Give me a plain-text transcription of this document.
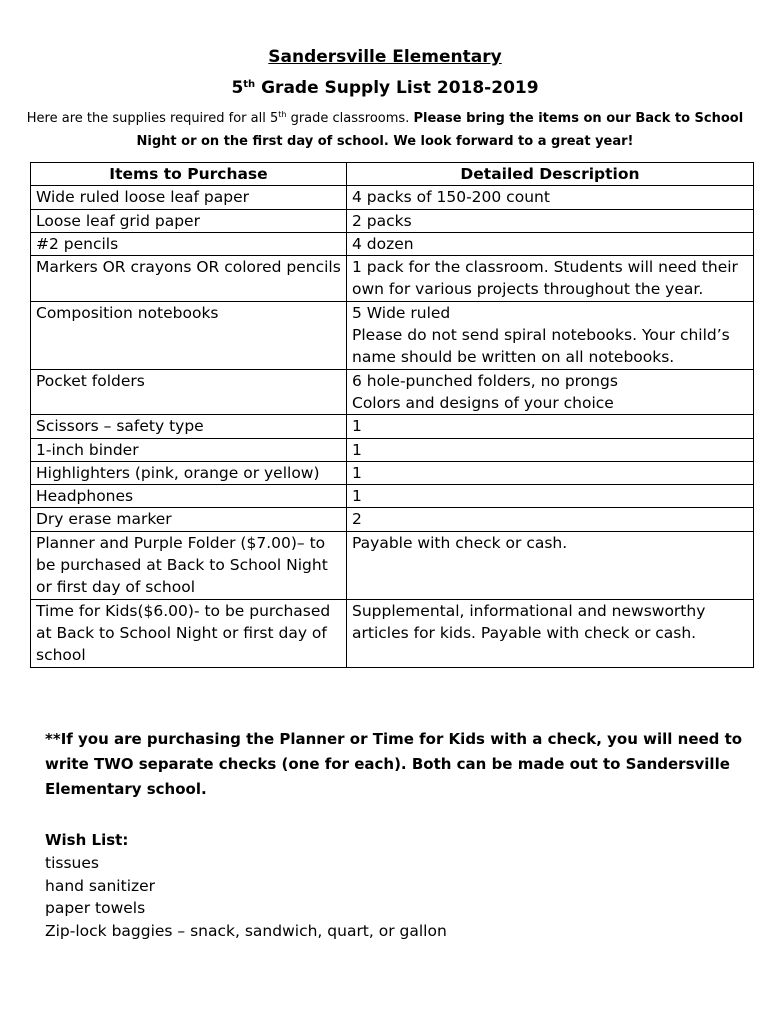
Sandersville Elementary
5th Grade Supply List 2018-2019
Here are the supplies required for all 5th grade classrooms. Please bring the items on our Back to School Night or on the first day of school. We look forward to a great year!
Items to Purchase	Detailed Description
Wide ruled loose leaf paper	4 packs of 150-200 count

Loose leaf grid paper	2 packs

#2 pencils	4 dozen

Markers OR crayons OR colored pencils	1 pack for the classroom. Students will need their own for various projects throughout the year.

Composition notebooks	5 Wide ruled
Please do not send spiral notebooks. Your child’s name should be written on all notebooks.

Pocket folders	6 hole-punched folders, no prongs
Colors and designs of your choice

Scissors – safety type	1

1-inch binder	1

Highlighters (pink, orange or yellow)	1

Headphones	1

Dry erase marker	2

Planner and Purple Folder ($7.00)– to be purchased at Back to School Night or first day of school	Payable with check or cash.

Time for Kids($6.00)- to be purchased at Back to School Night or first day of school	Supplemental, informational and newsworthy articles for kids. Payable with check or cash.
**If you are purchasing the Planner or Time for Kids with a check, you will need to write TWO separate checks (one for each). Both can be made out to Sandersville Elementary school.
Wish List:
tissues
hand sanitizer
paper towels
Zip-lock baggies – snack, sandwich, quart, or gallon
